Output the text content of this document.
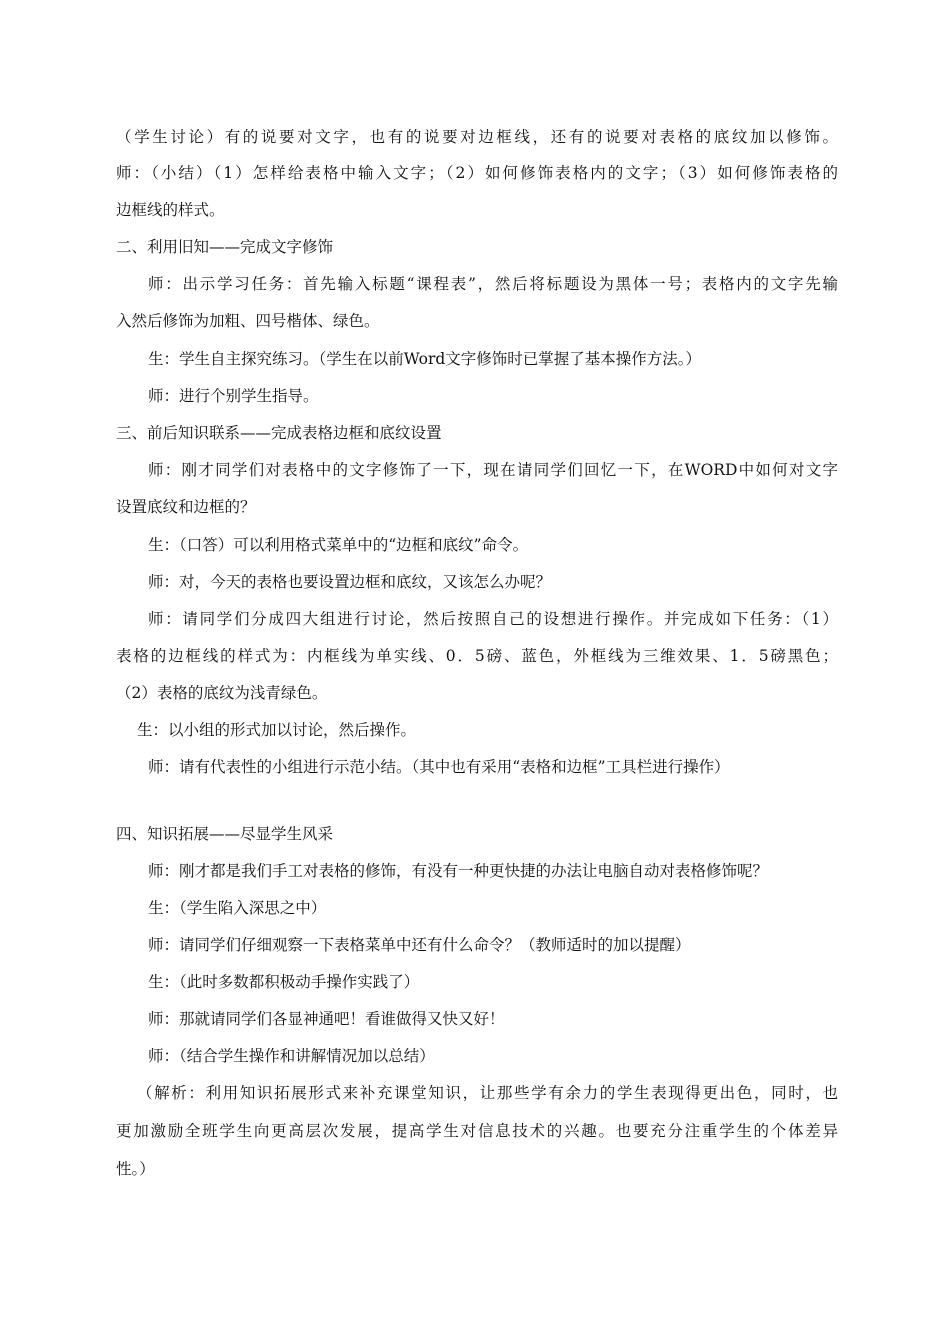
（学生讨论）有的说要对文字，也有的说要对边框线，还有的说要对表格的底纹加以修饰。
师：（小结）（1）怎样给表格中输入文字；（2）如何修饰表格内的文字；（3）如何修饰表格的
边框线的样式。
二、利用旧知——完成文字修饰
师：出示学习任务：首先输入标题“课程表”，然后将标题设为黑体一号；表格内的文字先输
入然后修饰为加粗、四号楷体、绿色。
生：学生自主探究练习。（学生在以前Word文字修饰时已掌握了基本操作方法。）
师：进行个别学生指导。
三、前后知识联系——完成表格边框和底纹设置
师：刚才同学们对表格中的文字修饰了一下，现在请同学们回忆一下，在WORD中如何对文字
设置底纹和边框的？
生：（口答）可以利用格式菜单中的“边框和底纹”命令。
师：对，今天的表格也要设置边框和底纹，又该怎么办呢？
师：请同学们分成四大组进行讨论，然后按照自己的设想进行操作。并完成如下任务：（1）
表格的边框线的样式为：内框线为单实线、0．5磅、蓝色，外框线为三维效果、1．5磅黑色；
（2）表格的底纹为浅青绿色。
生：以小组的形式加以讨论，然后操作。
师：请有代表性的小组进行示范小结。（其中也有采用“表格和边框”工具栏进行操作）
四、知识拓展——尽显学生风采
师：刚才都是我们手工对表格的修饰，有没有一种更快捷的办法让电脑自动对表格修饰呢？
生：（学生陷入深思之中）
师：请同学们仔细观察一下表格菜单中还有什么命令？（教师适时的加以提醒）
生：（此时多数都积极动手操作实践了）
师：那就请同学们各显神通吧！看谁做得又快又好！
师：（结合学生操作和讲解情况加以总结）
（解析：利用知识拓展形式来补充课堂知识，让那些学有余力的学生表现得更出色，同时，也
更加激励全班学生向更高层次发展，提高学生对信息技术的兴趣。也要充分注重学生的个体差异
性。）
